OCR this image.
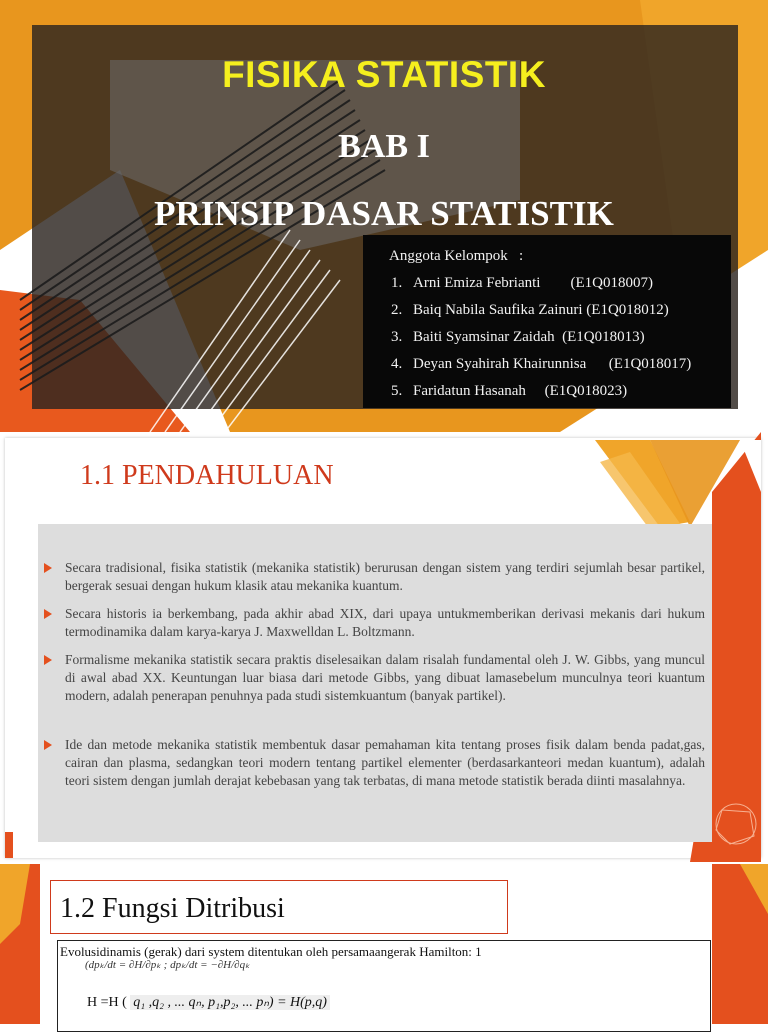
FISIKA STATISTIK
BAB I
PRINSIP DASAR STATISTIK
Anggota Kelompok   :
1. Arni Emiza Febrianti        (E1Q018007)
2. Baiq Nabila Saufika Zainuri (E1Q018012)
3. Baiti Syamsinar Zaidah  (E1Q018013)
4. Deyan Syahirah Khairunnisa      (E1Q018017)
5. Faridatun Hasanah     (E1Q018023)
1.1 PENDAHULUAN
Secara tradisional, fisika statistik (mekanika statistik) berurusan dengan sistem yang terdiri sejumlah besar partikel, bergerak sesuai dengan hukum klasik atau mekanika kuantum.
Secara historis ia berkembang, pada akhir abad XIX, dari upaya untukmemberikan derivasi mekanis dari hukum termodinamika dalam karya-karya J. Maxwelldan L. Boltzmann.
Formalisme mekanika statistik secara praktis diselesaikan dalam risalah fundamental oleh J. W. Gibbs, yang muncul di awal abad XX. Keuntungan luar biasa dari metode Gibbs, yang dibuat lamasebelum munculnya teori kuantum modern, adalah penerapan penuhnya pada studi sistemkuantum (banyak partikel).
Ide dan metode mekanika statistik membentuk dasar pemahaman kita tentang proses fisik dalam benda padat,gas, cairan dan plasma, sedangkan teori modern tentang partikel elementer (berdasarkanteori medan kuantum), adalah teori sistem dengan jumlah derajat kebebasan yang tak terbatas, di mana metode statistik berada diinti masalahnya.
1.2 Fungsi Ditribusi
Evolusidinamis (gerak) dari system ditentukan oleh persamaangerak Hamilton: 1
(dpₖ/dt = ∂H/∂pₖ ; dpₖ/dt = −∂H/∂qₖ
H =H ( q₁ ,q₂ , ... qₙ, p₁,p₂, ... pₙ) = H(p,q)
